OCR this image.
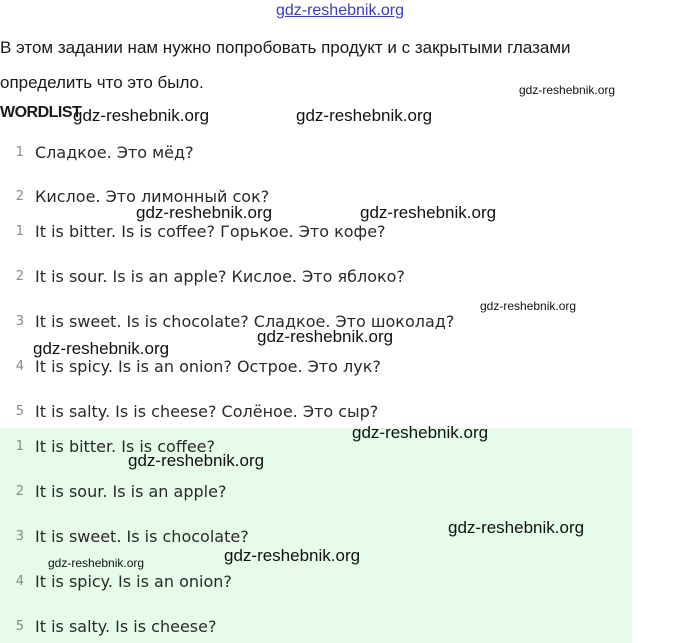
gdz-reshebnik.org
В этом задании нам нужно попробовать продукт и с закрытыми глазами
определить что это было.
WORDLIST
1 Сладкое. Это мёд?
2 Кислое. Это лимонный сок?
1 It is bitter. Is is coffee? Горькое. Это кофе?
2 It is sour. Is is an apple? Кислое. Это яблоко?
3 It is sweet. Is is chocolate? Сладкое. Это шоколад?
4 It is spicy. Is is an onion? Острое. Это лук?
5 It is salty. Is is cheese? Солёное. Это сыр?
1 It is bitter. Is is coffee?
2 It is sour. Is is an apple?
3 It is sweet. Is is chocolate?
4 It is spicy. Is is an onion?
5 It is salty. Is is cheese?
gdz-reshebnik.org
gdz-reshebnik.org	gdz-reshebnik.org
gdz-reshebnik.org	gdz-reshebnik.org
gdz-reshebnik.org
gdz-reshebnik.org
gdz-reshebnik.org
gdz-reshebnik.org
gdz-reshebnik.org
gdz-reshebnik.org
gdz-reshebnik.org
gdz-reshebnik.org
